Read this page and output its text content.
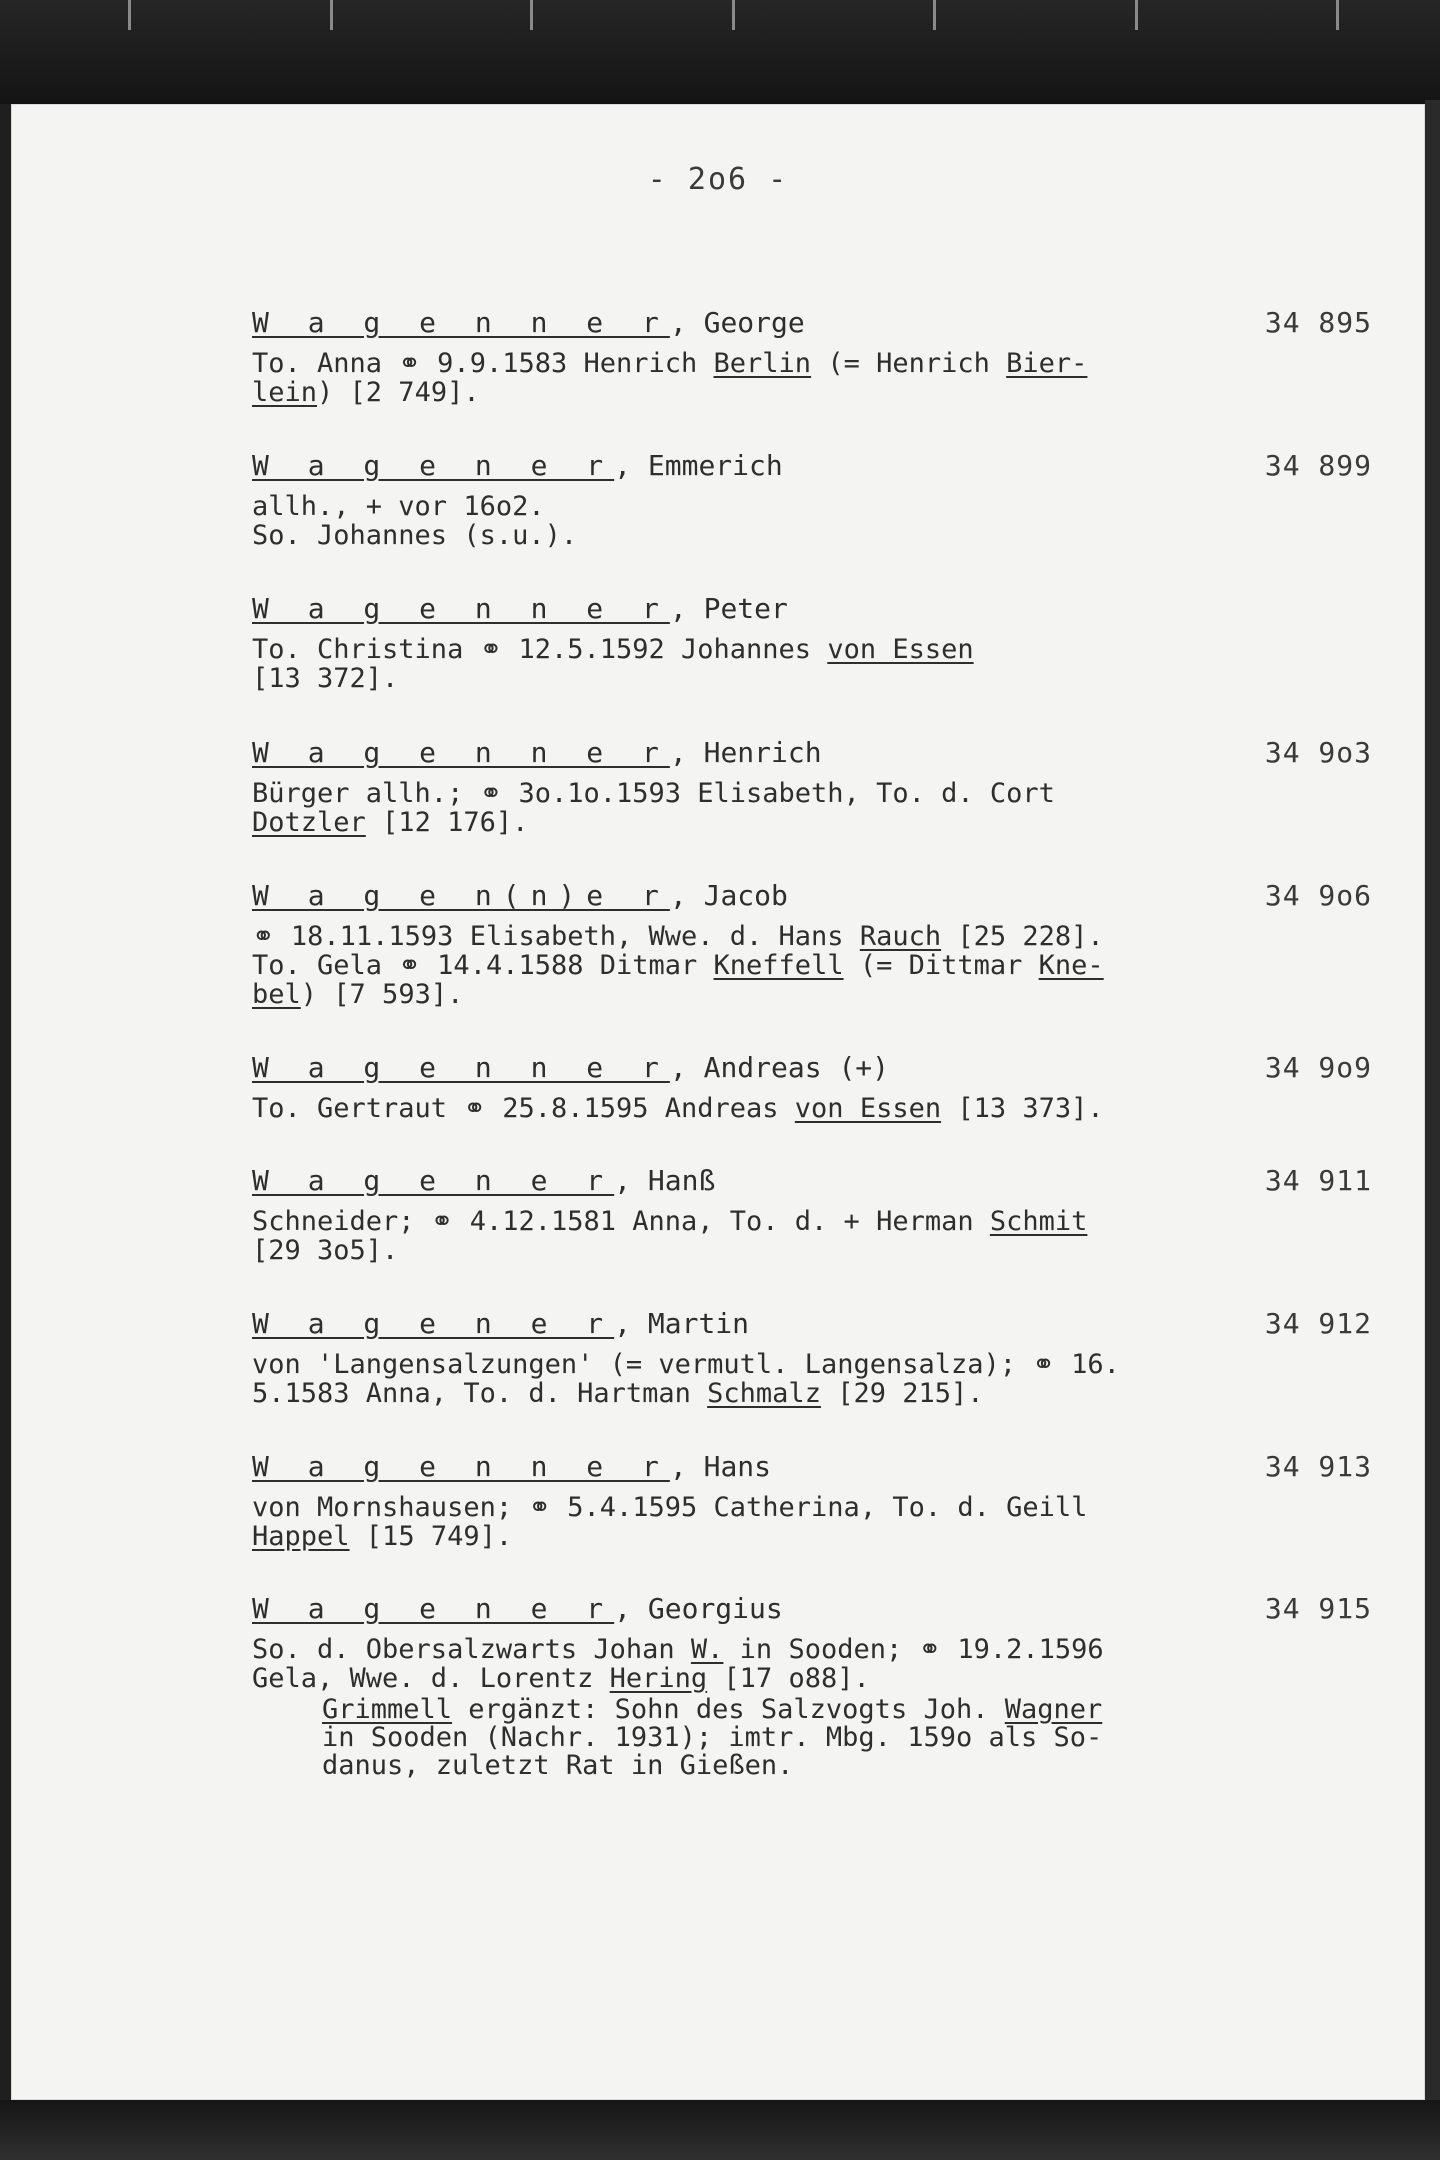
- 2o6 -
W a g e n n e r, George	34 895
To. Anna ⚭ 9.9.1583 Henrich Berlin (= Henrich Bier-
lein) [2 749].
W a g e n e r, Emmerich	34 899
allh., + vor 16o2.
So. Johannes (s.u.).
W a g e n n e r, Peter
To. Christina ⚭ 12.5.1592 Johannes von Essen
[13 372].
W a g e n n e r, Henrich	34 9o3
Bürger allh.; ⚭ 3o.1o.1593 Elisabeth, To. d. Cort
Dotzler [12 176].
W a g e n(n)e r, Jacob	34 9o6
⚭ 18.11.1593 Elisabeth, Wwe. d. Hans Rauch [25 228].
To. Gela ⚭ 14.4.1588 Ditmar Kneffell (= Dittmar Kne-
bel) [7 593].
W a g e n n e r, Andreas (+)	34 9o9
To. Gertraut ⚭ 25.8.1595 Andreas von Essen [13 373].
W a g e n e r, Hanß	34 911
Schneider; ⚭ 4.12.1581 Anna, To. d. + Herman Schmit
[29 3o5].
W a g e n e r, Martin	34 912
von 'Langensalzungen' (= vermutl. Langensalza); ⚭ 16.
5.1583 Anna, To. d. Hartman Schmalz [29 215].
W a g e n n e r, Hans	34 913
von Mornshausen; ⚭ 5.4.1595 Catherina, To. d. Geill
Happel [15 749].
W a g e n e r, Georgius	34 915
So. d. Obersalzwarts Johan W. in Sooden; ⚭ 19.2.1596
Gela, Wwe. d. Lorentz Hering [17 o88].
Grimmell ergänzt: Sohn des Salzvogts Joh. Wagner
in Sooden (Nachr. 1931); imtr. Mbg. 159o als So-
danus, zuletzt Rat in Gießen.
